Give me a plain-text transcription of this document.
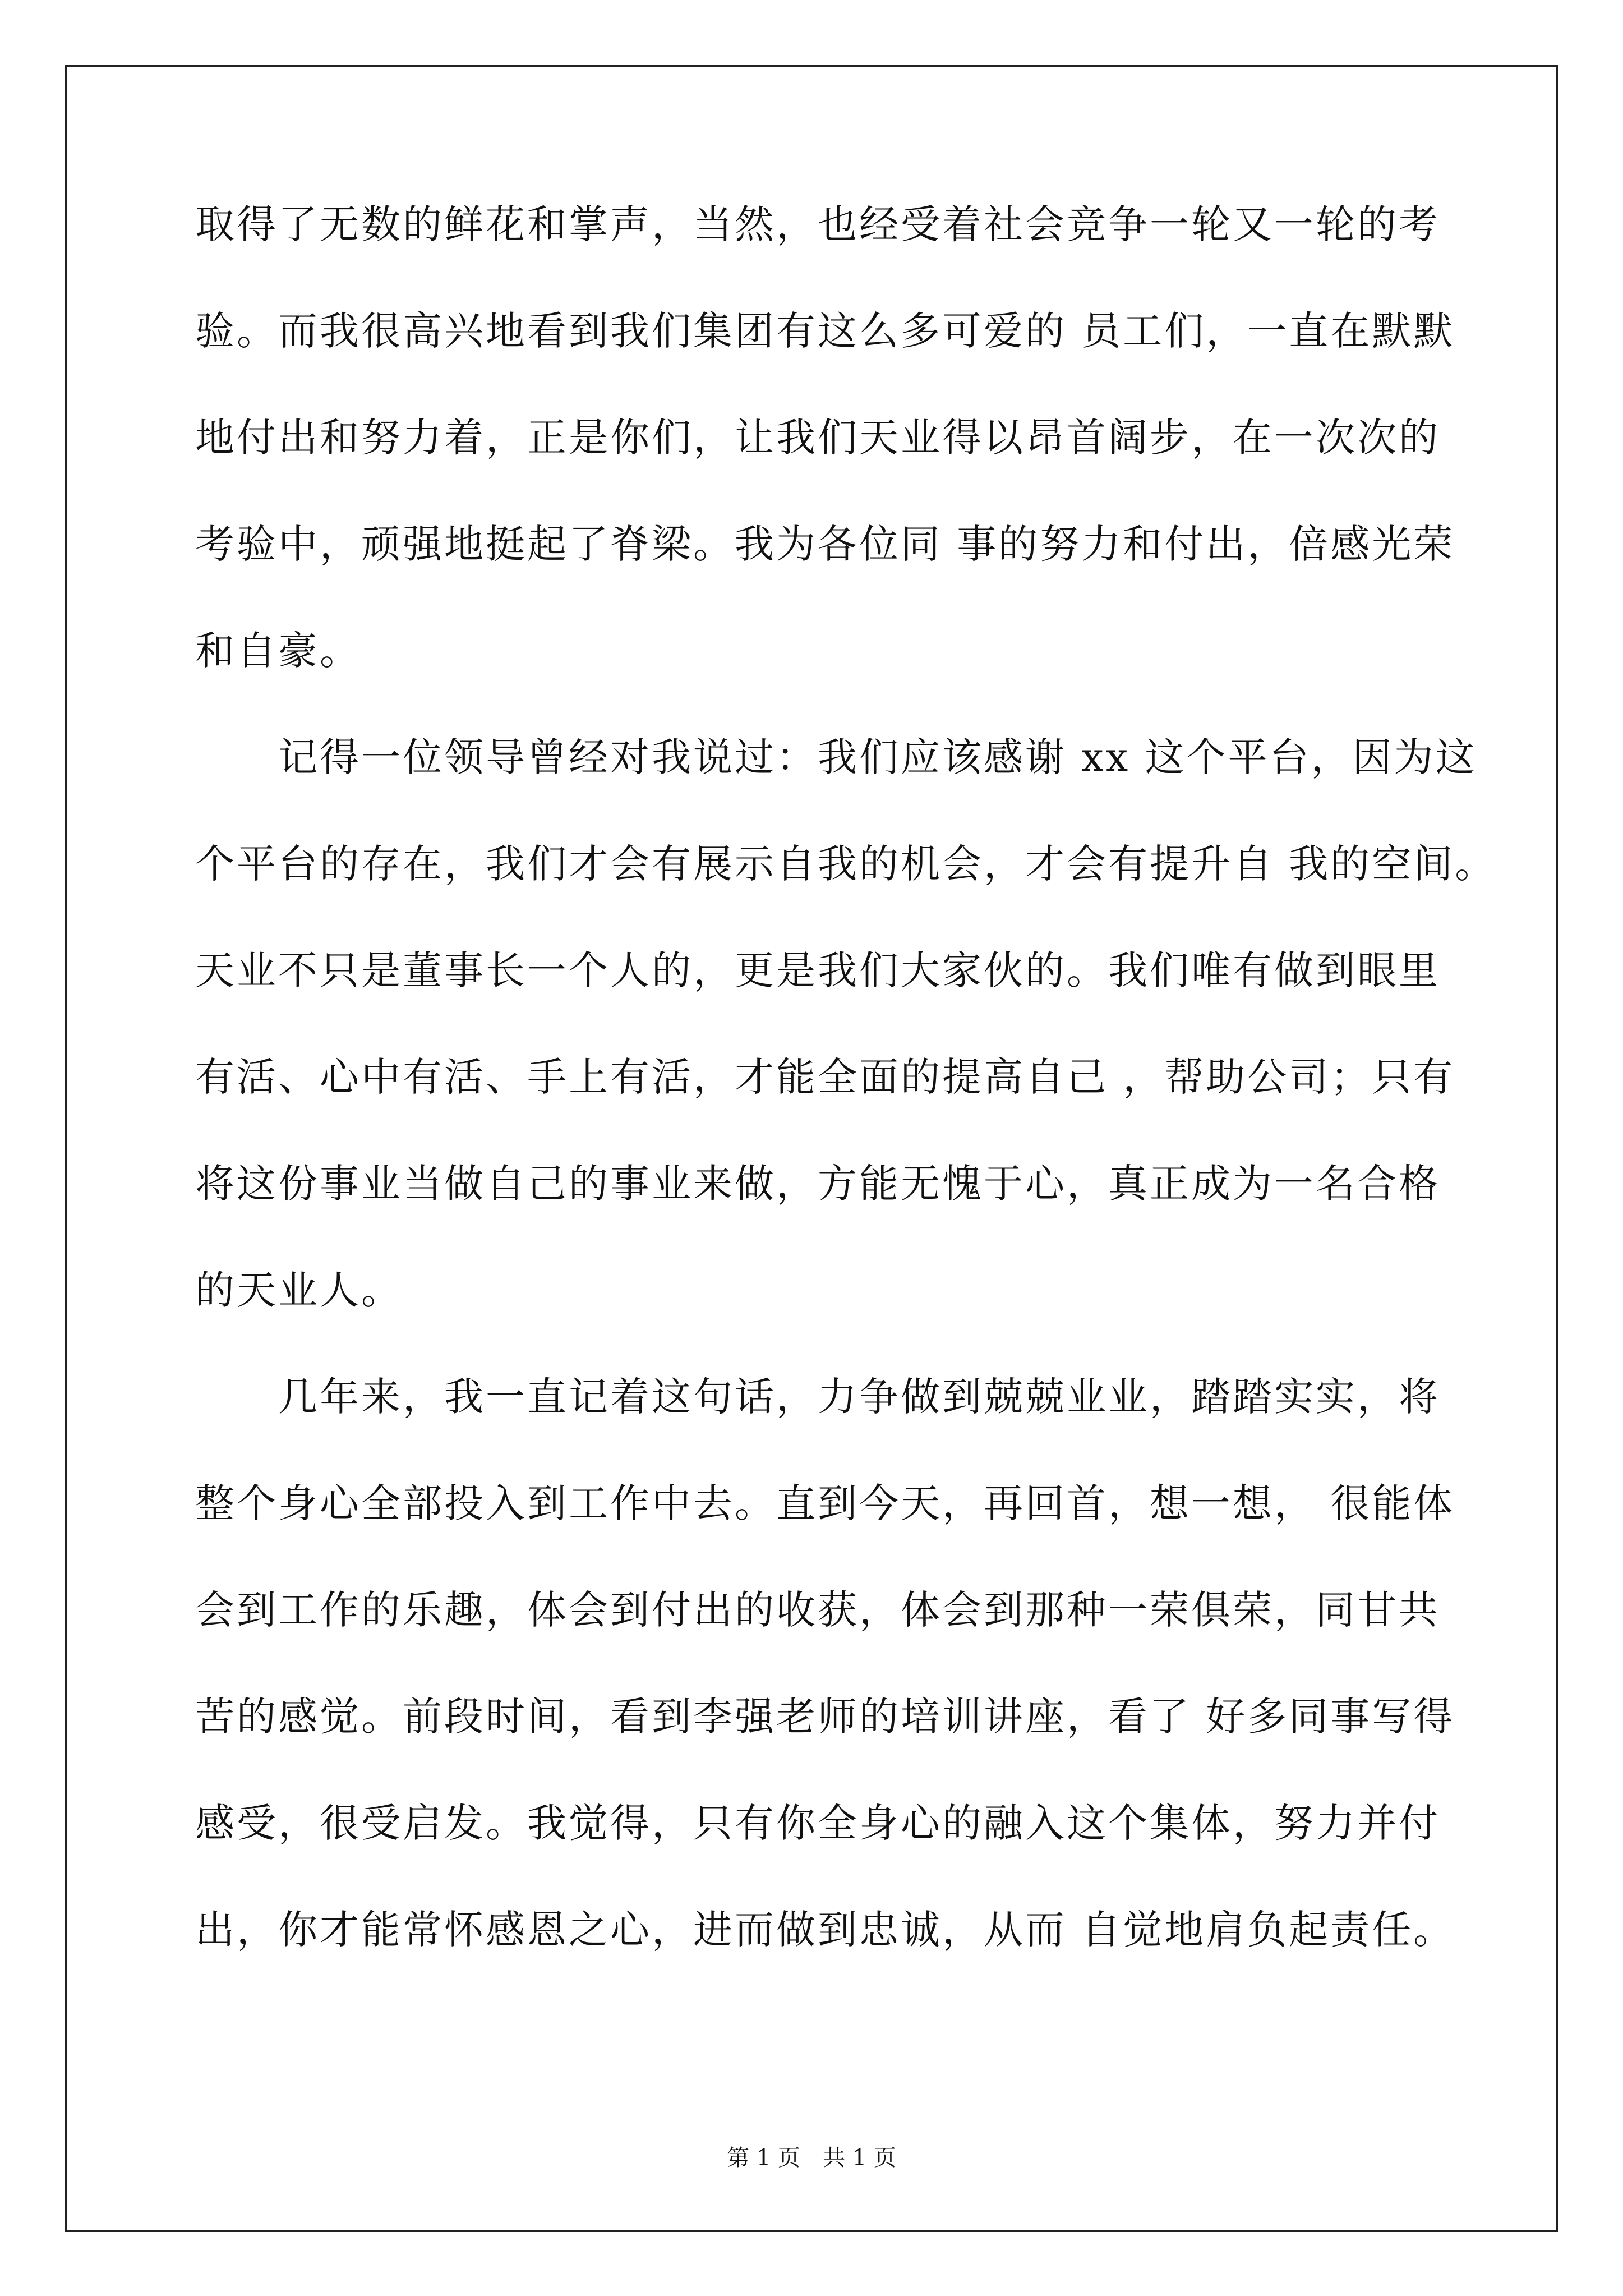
取得了无数的鲜花和掌声，当然，也经受着社会竞争一轮又一轮的考
验。而我很高兴地看到我们集团有这么多可爱的 员工们，一直在默默
地付出和努力着，正是你们，让我们天业得以昂首阔步，在一次次的
考验中，顽强地挺起了脊梁。我为各位同 事的努力和付出，倍感光荣
和自豪。
　　记得一位领导曾经对我说过：我们应该感谢 xx 这个平台，因为这
个平台的存在，我们才会有展示自我的机会，才会有提升自 我的空间。
天业不只是董事长一个人的，更是我们大家伙的。我们唯有做到眼里
有活、心中有活、手上有活，才能全面的提高自己 ，帮助公司；只有
将这份事业当做自己的事业来做，方能无愧于心，真正成为一名合格
的天业人。
　　几年来，我一直记着这句话，力争做到兢兢业业，踏踏实实，将
整个身心全部投入到工作中去。直到今天，再回首，想一想， 很能体
会到工作的乐趣，体会到付出的收获，体会到那种一荣俱荣，同甘共
苦的感觉。前段时间，看到李强老师的培训讲座，看了 好多同事写得
感受，很受启发。我觉得，只有你全身心的融入这个集体，努力并付
出，你才能常怀感恩之心，进而做到忠诚，从而 自觉地肩负起责任。
第 1 页　共 1 页
